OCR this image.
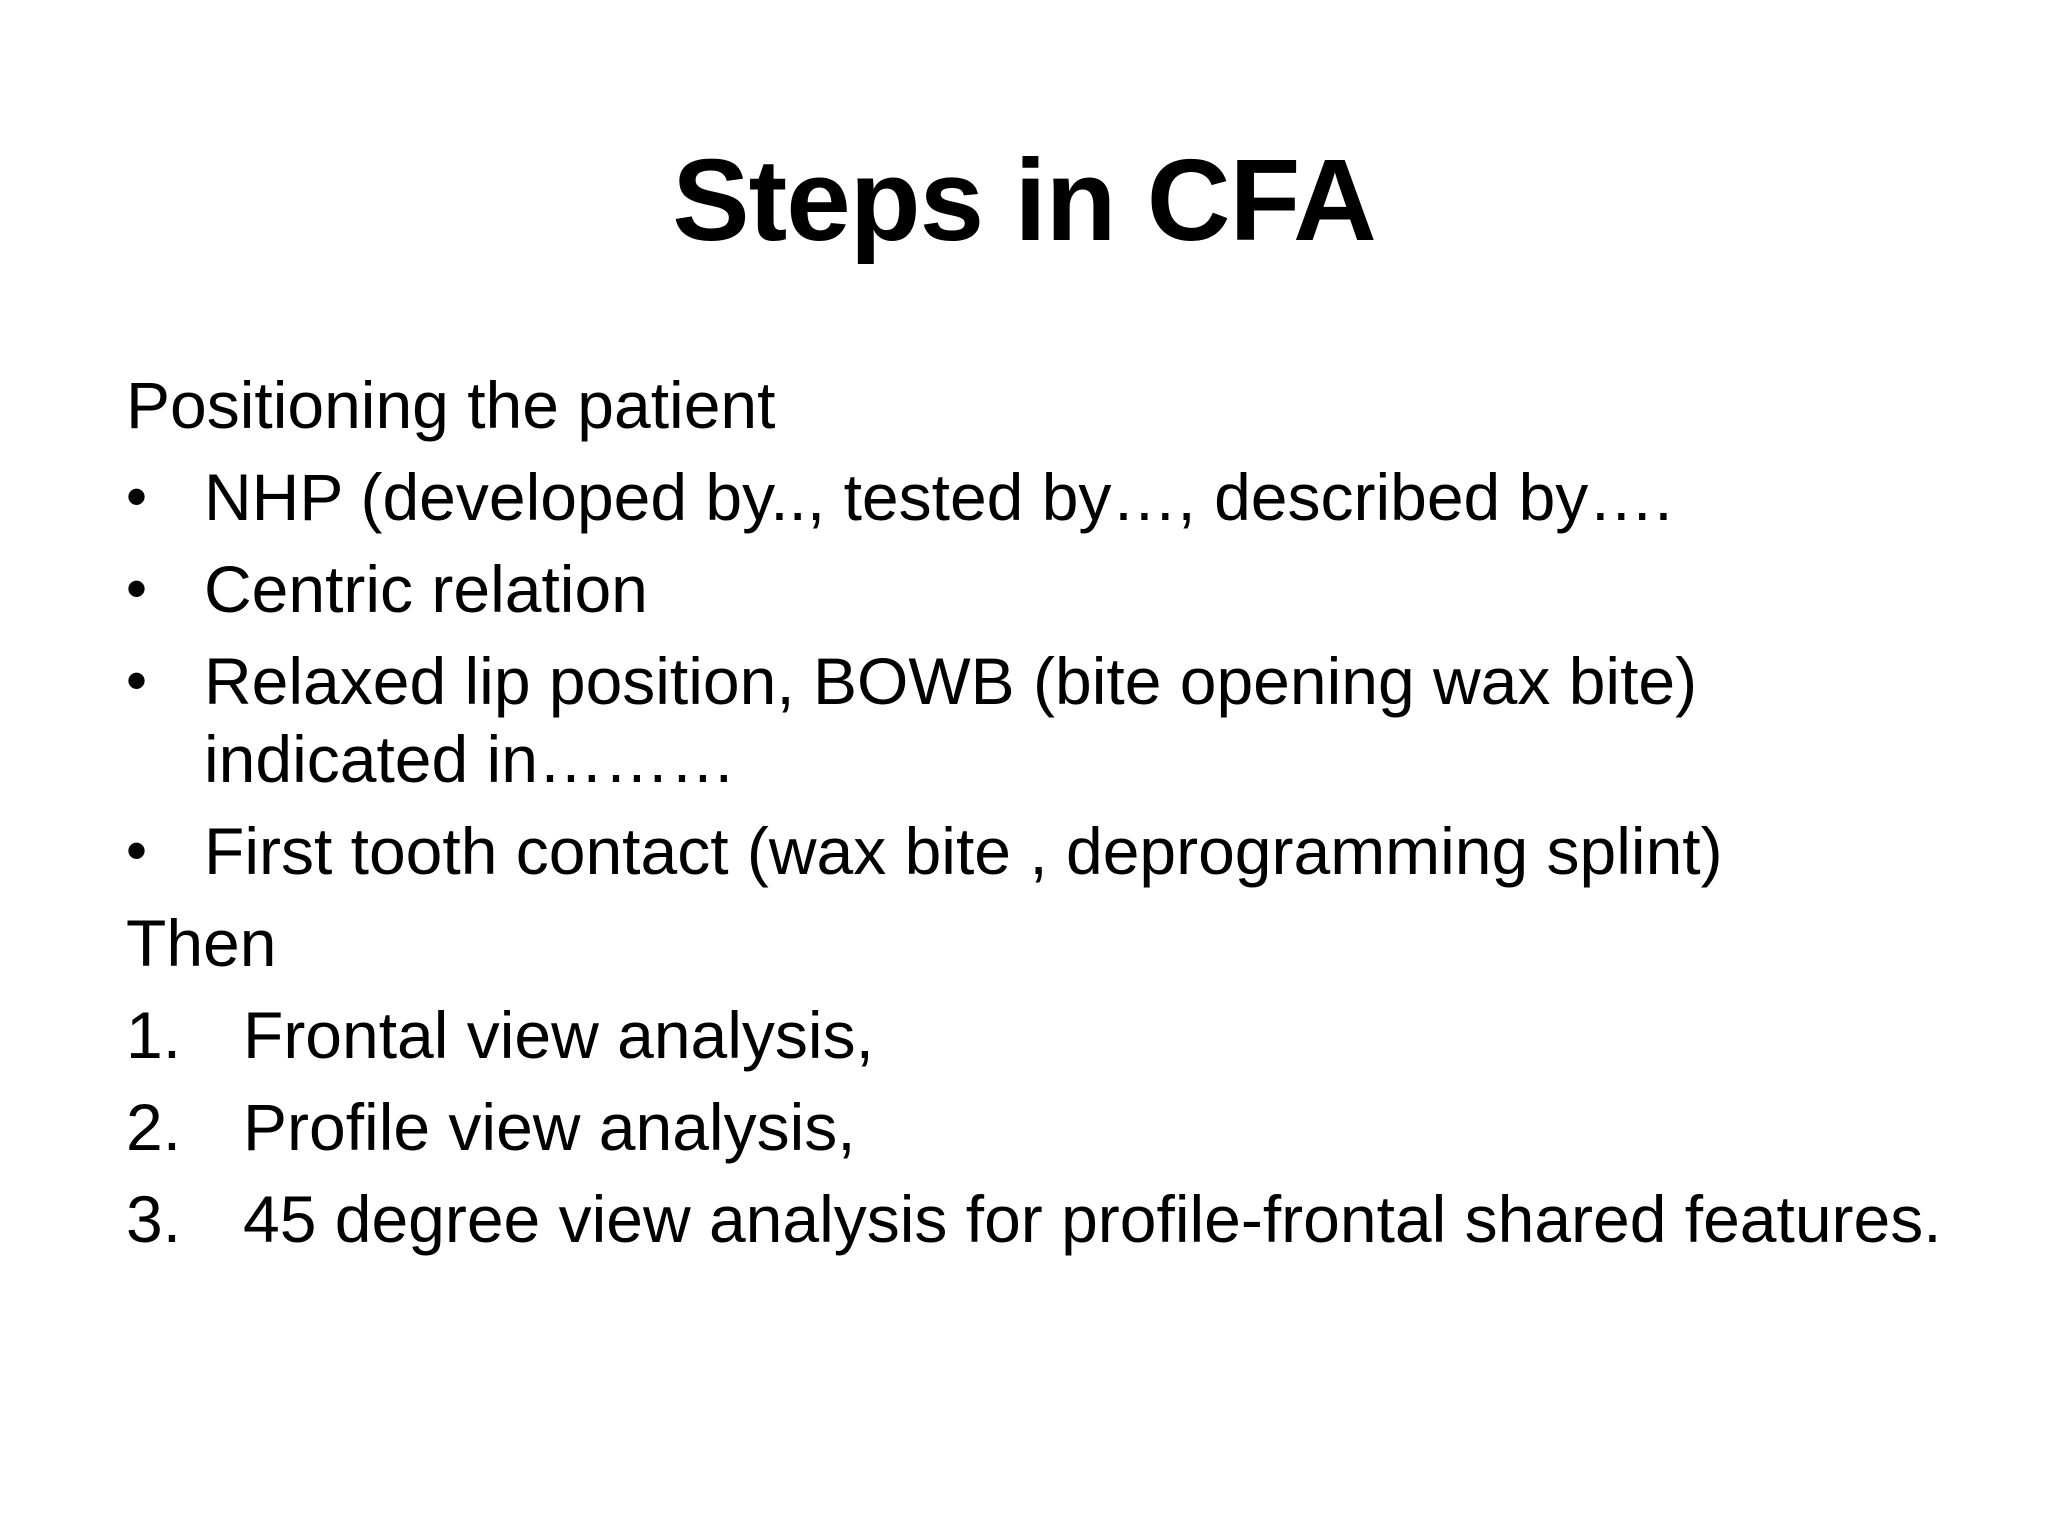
Steps in CFA
Positioning the patient
• NHP (developed by.., tested by…, described by….
• Centric relation
• Relaxed lip position, BOWB (bite opening wax bite) indicated in………
• First tooth contact (wax bite , deprogramming splint)
Then
1. Frontal view analysis,
2. Profile view analysis,
3. 45 degree view analysis for profile-frontal shared features.
